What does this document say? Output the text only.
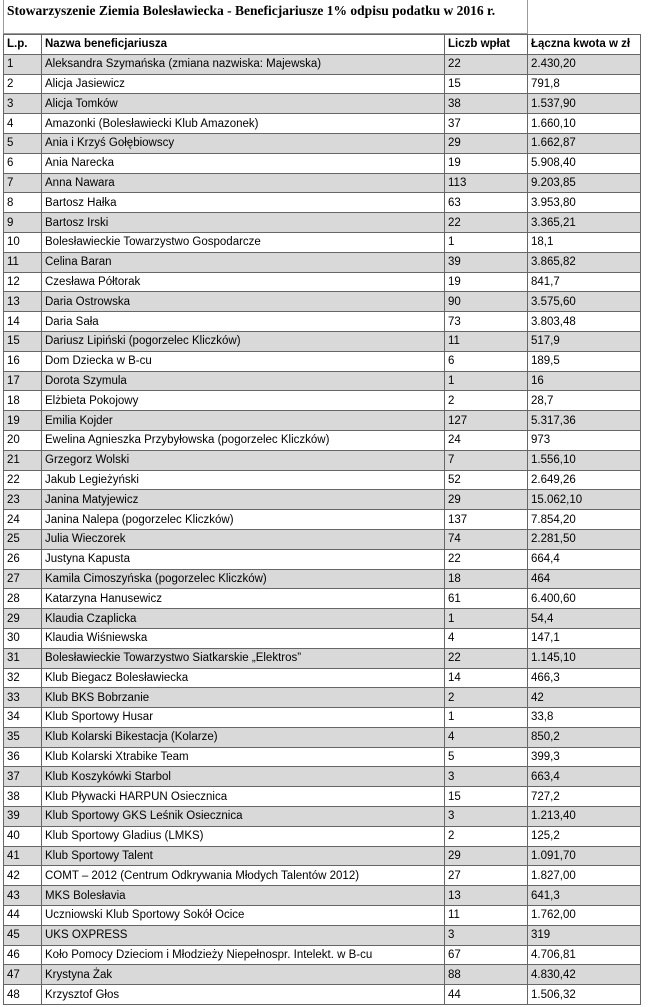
Stowarzyszenie Ziemia Bolesławiecka - Beneficjariusze 1% odpisu podatku w 2016 r.
L.p.	Nazwa beneficjariusza	Liczb wpłat	Łączna kwota w zł
1	Aleksandra Szymańska (zmiana nazwiska: Majewska)	22	2.430,20
2	Alicja Jasiewicz	15	791,8
3	Alicja Tomków	38	1.537,90
4	Amazonki (Bolesławiecki Klub Amazonek)	37	1.660,10
5	Ania i Krzyś Gołębiowscy	29	1.662,87
6	Ania Narecka	19	5.908,40
7	Anna Nawara	113	9.203,85
8	Bartosz Hałka	63	3.953,80
9	Bartosz Irski	22	3.365,21
10	Bolesławieckie Towarzystwo Gospodarcze	1	18,1
11	Celina Baran	39	3.865,82
12	Czesława Półtorak	19	841,7
13	Daria Ostrowska	90	3.575,60
14	Daria Sała	73	3.803,48
15	Dariusz Lipiński (pogorzelec Kliczków)	11	517,9
16	Dom Dziecka w B-cu	6	189,5
17	Dorota Szymula	1	16
18	Elżbieta Pokojowy	2	28,7
19	Emilia Kojder	127	5.317,36
20	Ewelina Agnieszka Przybyłowska (pogorzelec Kliczków)	24	973
21	Grzegorz Wolski	7	1.556,10
22	Jakub Legieżyński	52	2.649,26
23	Janina Matyjewicz	29	15.062,10
24	Janina Nalepa (pogorzelec Kliczków)	137	7.854,20
25	Julia Wieczorek	74	2.281,50
26	Justyna Kapusta	22	664,4
27	Kamila Cimoszyńska (pogorzelec Kliczków)	18	464
28	Katarzyna Hanusewicz	61	6.400,60
29	Klaudia Czaplicka	1	54,4
30	Klaudia Wiśniewska	4	147,1
31	Bolesławieckie Towarzystwo Siatkarskie „Elektros”	22	1.145,10
32	Klub Biegacz Bolesławiecka	14	466,3
33	Klub BKS Bobrzanie	2	42
34	Klub Sportowy Husar	1	33,8
35	Klub Kolarski Bikestacja (Kolarze)	4	850,2
36	Klub Kolarski Xtrabike Team	5	399,3
37	Klub Koszykówki Starbol	3	663,4
38	Klub Pływacki HARPUN Osiecznica	15	727,2
39	Klub Sportowy GKS Leśnik Osiecznica	3	1.213,40
40	Klub Sportowy Gladius (LMKS)	2	125,2
41	Klub Sportowy Talent	29	1.091,70
42	COMT – 2012 (Centrum Odkrywania Młodych Talentów 2012)	27	1.827,00
43	MKS Bolesłavia	13	641,3
44	Uczniowski Klub Sportowy Sokół Ocice	11	1.762,00
45	UKS OXPRESS	3	319
46	Koło Pomocy Dzieciom i Młodzieży Niepełnospr. Intelekt. w B-cu	67	4.706,81
47	Krystyna Żak	88	4.830,42
48	Krzysztof Głos	44	1.506,32
